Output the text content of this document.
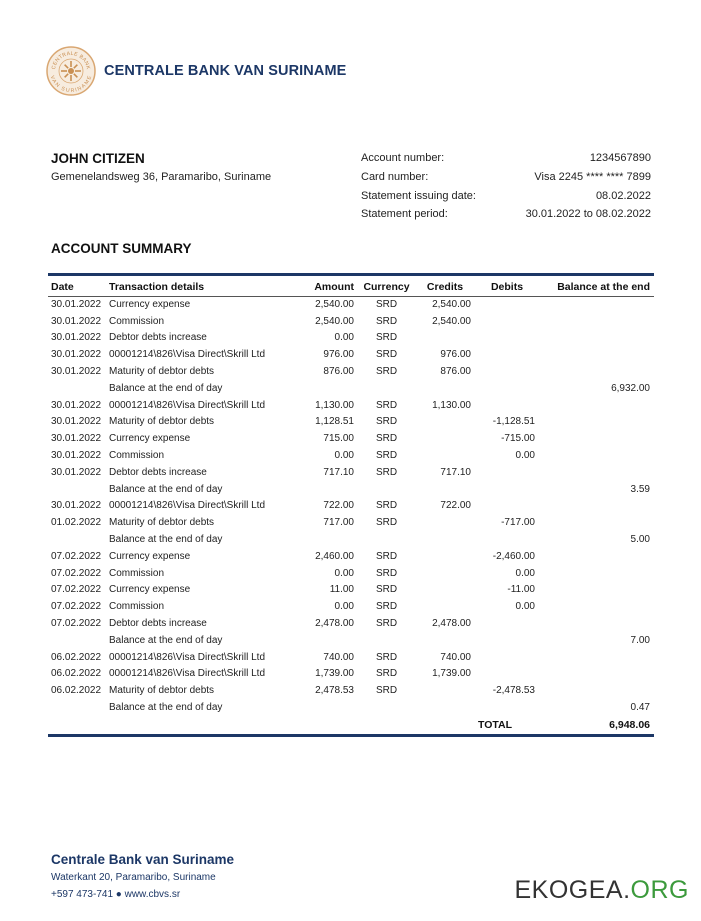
CENTRALE BANK
VAN SURINAME CENTRALE BANK VAN SURINAME
JOHN CITIZEN
Gemenelandsweg 36, Paramaribo, Suriname
Account number:	1234567890
Card number:	Visa 2245 **** **** 7899
Statement issuing date:	08.02.2022
Statement period:	30.01.2022 to 08.02.2022
ACCOUNT SUMMARY
Date	Transaction details	Amount	Currency	Credits	Debits	Balance at the end
30.01.2022	Currency expense	2,540.00	SRD	2,540.00		
30.01.2022	Commission	2,540.00	SRD	2,540.00		
30.01.2022	Debtor debts increase	0.00	SRD			
30.01.2022	00001214\826\Visa Direct\Skrill Ltd	976.00	SRD	976.00		
30.01.2022	Maturity of debtor debts	876.00	SRD	876.00		
	Balance at the end of day					6,932.00
30.01.2022	00001214\826\Visa Direct\Skrill Ltd	1,130.00	SRD	1,130.00		
30.01.2022	Maturity of debtor debts	1,128.51	SRD		-1,128.51	
30.01.2022	Currency expense	715.00	SRD		-715.00	
30.01.2022	Commission	0.00	SRD		0.00	
30.01.2022	Debtor debts increase	717.10	SRD	717.10		
	Balance at the end of day					3.59
30.01.2022	00001214\826\Visa Direct\Skrill Ltd	722.00	SRD	722.00		
01.02.2022	Maturity of debtor debts	717.00	SRD		-717.00	
	Balance at the end of day					5.00
07.02.2022	Currency expense	2,460.00	SRD		-2,460.00	
07.02.2022	Commission	0.00	SRD		0.00	
07.02.2022	Currency expense	11.00	SRD		-11.00	
07.02.2022	Commission	0.00	SRD		0.00	
07.02.2022	Debtor debts increase	2,478.00	SRD	2,478.00		
	Balance at the end of day					7.00
06.02.2022	00001214\826\Visa Direct\Skrill Ltd	740.00	SRD	740.00		
06.02.2022	00001214\826\Visa Direct\Skrill Ltd	1,739.00	SRD	1,739.00		
06.02.2022	Maturity of debtor debts	2,478.53	SRD		-2,478.53	
	Balance at the end of day					0.47
					TOTAL	6,948.06
Centrale Bank van Suriname
Waterkant 20, Paramaribo, Suriname
+597 473-741 ● www.cbvs.sr	EKOGEA.ORG
